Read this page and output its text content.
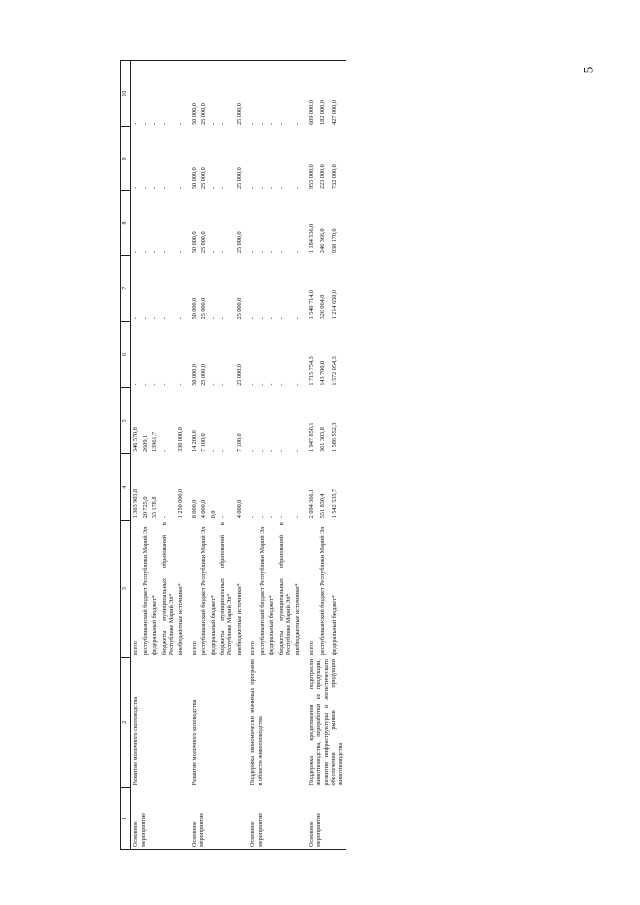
5
1	2	3	4	5	6	7	8	9	10
Основное мероприятие	Развитие молочного скотоводства	всего	1 303 903,8	346 570,8	-	-	-	-	-
		республиканский бюджет Республики Марий Эл	20 725,0	2609,1	-	-	-	-	-
		федеральный бюджет*	33 178,8	13961,7	-	-	-	-	-
		бюджеты муниципальных образований в Республике Марий Эл*	-	-	-	-	-	-	-
		внебюджетные источники*	1 250 000,0	330 000,0	-	-	-	-	-
Основное мероприятие	Развитие молочного козоводства	всего	8 000,0	14 200,0	50 000,0	50 000,0	50 000,0	50 000,0	50 000,0
		республиканский бюджет Республики Марий Эл	4 000,0	7 100,0	25 000,0	25 000,0	25 000,0	25 000,0	25 000,0
		федеральный бюджет*	0,0	-	-	-	-	-	-
		бюджеты муниципальных образований в Республике Марий Эл*	-	-	-	-	-	-	-
		внебюджетные источники*	4 000,0	7 100,0	25 000,0	25 000,0	25 000,0	25 000,0	25 000,0
Основное мероприятие	Поддержка экономически значимых программ в области животноводства	всего	-	-	-	-	-	-	-
		республиканский бюджет Республики Марий Эл	-	-	-	-	-	-	-
		федеральный бюджет*	-	-	-	-	-	-	-
		бюджеты муниципальных образований в Республике Марий Эл*	-	-	-	-	-	-	-
		внебюджетные источники*	-	-	-	-	-	-	-
Основное мероприятие	Поддержка кредитования подотрасли животноводства, переработки ее продукции, развития инфраструктуры и логистического обеспечения рынков продукции животноводства	всего	2 094 366,1	1 947 856,1	1 715 754,3	1 540 714,0	1 184 536,0	955 000,0	609 000,0
		республиканский бюджет Республики Марий Эл	551 830,4	361 303,8	143 700,0	326 064,0	246 366,0	223 000,0	182 000,0
		федеральный бюджет*	1 542 535,7	1 586 552,3	1 572 054,3	1 214 650,0	938 170,0	732 000,0	427 000,0
